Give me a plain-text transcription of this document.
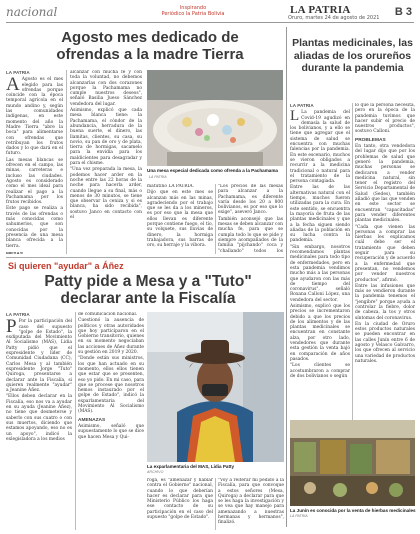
nacional	Inspirando
Periódico la Patria Bolivia	LA PATRIA
Oruro, martes 24 de agosto de 2021 B 3
Agosto mes dedicado de ofrendas a la madre Tierra
LA PATRIA
A Agosto es el mes elegido para las ofrendas porque coincide con la época temporal agrícola en el mundo andino y, según las comunidades indígenas, en este momento del año la Madre Tierra "abre la boca" para alimentarse con ofrendas que retribuyan los frutos dados y lo que dará en el futuro.

Las mesas blancas se ofrecen en el campo, las minas, carreteras e incluso las ciudades. Agosto es considerado como el mes ideal para realizar el pago a la Pachamama por los frutos recibidos.

Este pago se realiza a través de las ofrendas o más conocidas como sahumerios, que son conocidas por la presencia de una mesa blanca ofrecida a la tierra.

alcanzar con mucha fe y con toda la voluntad, no debemos alcanzarlas con dos corazones porque la Pachamama no cumple nuestros deseos", señaló Basilia Jueso Sánchez vendedora del lugar.

Asimismo, explicó que cada mesa blanca tiene: la Pachamama, el cóndor de la abundancia, herradura de la buena suerte, el dinero, las llamitas, clientes, su casa, su novio, su pan de oro y de plata, tierra de hormigas, sacamelo para la envidia para los maldicientes para desagradar y para el chisme.

"Una vez preparada la mesa, la podemos hacer arder en la noche entre las 22 horas de la noche para hacerla arder, cuando llegue a su final, más o menos de 30 minutos, se tiene que observar la ceniza y si es blanca, ha sido recibida", sostuvo Janco en contacto con el

Una mesa especial dedicada como ofrenda a la Pachamama LA PATRIA
matutino LA PATRIA.

Dijo que en este mes se alcanzan más en las minas, agradeciendo por el trabajo que se les da a los mineros, es por eso que la mesa que ellos llevan es diferente porque contiene fuego, el tío, su volquete, sus lluvias de dinero, la hormiga trabajadora, sus barras de oro, su herraje y la vibora.

"Los precios de las mesas para alcanzar a la Pachamama, es diferente varía desde los 20 a 800 bolivianos, es por eso que lo exige", aseveró Janco.

También aconsejó que las mesas se deben alcanzar con mucha fe, para que se cumpla todo lo que se pide y siempre acompañados de la familia "pijchando" coca y "challando" todos los

Plantas medicinales, las aliadas de los orureños durante la pandemia
LA PATRIA
L La pandemia del Covid-19 agudizó en demasía la salud de los bolivianos, y a ello se tiene que agregar que el sistema de salud se encuentra con muchas falencias por la pandemia. En este escenario, muchos se vieron obligados a recurrir a la medicina tradicional o natural para el tratamiento de la persona contagiada.

Entre las de las alternativas natural con el tiempo, muchos fueron utilizadas para la cura. En este sentido, se encuentra la mayoría de fruta de las plantas medicinales y que a la fecha siguen siendo aliadas de la población en su lucha contra la pandemia.

"Sin embargo, nosotros recomendamos plantas medicinales para todo tipo de enfermedades, pero en esta pandemia vendimos mucho más a las personas que ayudaron con las más de tiempo del coronavirus", señaló Roxana Calloni López, una vendedora del sector.

Asimismo, explicó que los precios se incrementaron debido a que los precios de los alimentos y de las plantas medicinales se encuentran en constante alza, por otro lado, vendedores que durante esta gestión la venta bajó en comparación de años pasados.

"Los clientes se acostumbraron a comprar de dos bolivianos o según

lo que la persona necesita, pero en la época de la pandemia tuvimos que hacer subir el precio de nuestros productos", sostuvo Calloni.
PROBLEMAS

En tanto, otra vendedora del lugar dijo que por los problemas de salud que generó la pandemia, muchas personas se dedicaron a vender medicina natural, sin tener el registro del Servicio Departamental de Salud (Sedes), también añadió que las que venden en este sector se encuentran "capacitadas" para vender diferentes plantas medicinales.

"Cada que vienen las personas a comprar las hierbas les explicamos cuál debe ser el tratamiento que deben seguir para su recuperación y de acuerdo a la enfermedad que presentan, no vendemos por vender nuestros productos", afirmó.

Entre las infusiones que más se vendieron durante la pandemia tenemos el "jengibre" porque ayuda a controlar la fiebre, dolor de cabeza, la tos y otros síntomas del coronavirus.

En la ciudad de Oruro estos productos naturales se pueden encontrar en las calles Junín entre 6 de agosto y Velasco Galvarro, los que ofrecen al servicio una variedad de productos naturales.

La Junín es conocida por la venta de hierbas medicinales
LA PATRIA
Si quieren "ayudar" a Áñez
Patty pide a Mesa y a "Tuto" declarar ante la Fiscalía
LA PATRIA
P Por la participación del caso del supuesto "golpe de Estado", la exdiputada del Movimiento Al Socialismo (MAS), Lidia Patty pidió que el expresidente y líder de Comunidad Ciudadana (CC), Carlos Mesa y al también expresidente Jorge "Tuto" Quiroga, presentarse a declarar ante la Fiscalía, si quieren realmente "ayudar" a Jeanine Áñez.

"Ellos deben declarar en la Fiscalía, eso nos va a ayudar en su ayuda (Jeanine Áñez), no tiene que desmeterse y saberlo con sus cuatro o con sus muertos, diciendo que estamos apoyando, eso no es un apoyo", indicó la exlegisladora a los medios

de comunicación nacional.

Cuestionó la ausencia de políticos y otras autoridades que hoy participaron en el Gobierno transitorio, quienes en su momento negociaban las acciones de Áñez durante su gestión en 2019 y 2020.

"Donde están sus ministros, los que han actuado en su momento, ellos ellos tienen que estar que se presenten, eso yo pido. En mi caso, para que se procese que nosotros hemos instaurado por el golpe de Estado", indicó la exparlamentaria del Movimiento Al Socialismo (MAS).

AMENAZAS
Asimismo, señaló que supuestamente lo que se dice que hacen Mesa y Qui-
La exparlamentaria del MAS, Lidia Patty
ARCHIVO
roga, es "amenazar y hablar contra el Gobierno" nacional, cuando lo que deberían hacer es declarar para que Ministerio Público los haga ese contacto de su participación en el caso del supuesto "golpe de Estado".
"Voy a reiterar mi pedido a la Fiscalía, para que convoque a estos señores (Mesa, Quiroga) a declarar para que se les haga la investigación y se vea que hay manejo para amenazando a nuestras hermanas y hermanos", finalizó.
